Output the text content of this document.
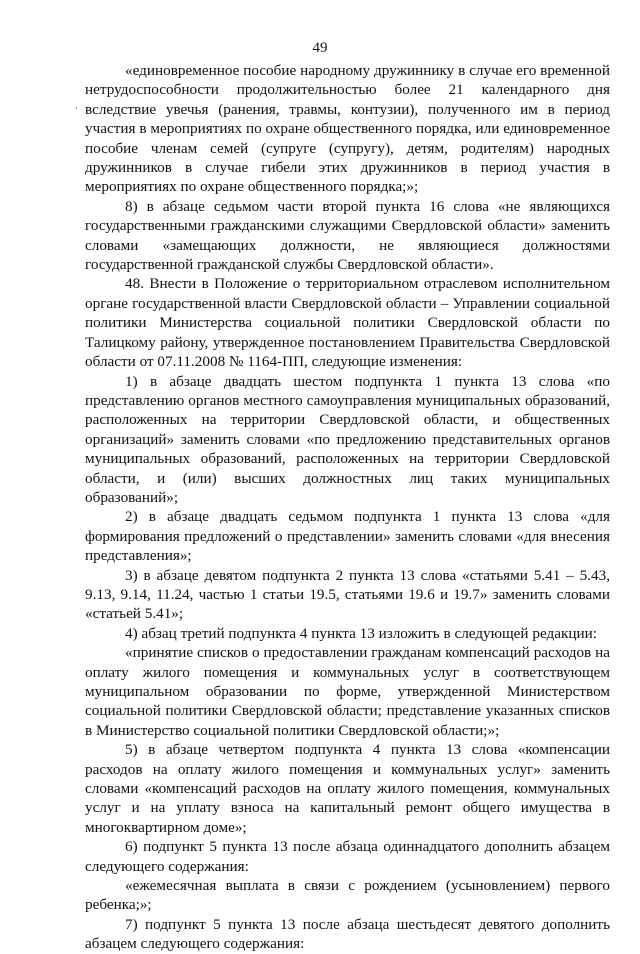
49

«единовременное пособие народному дружиннику в случае его временной нетрудоспособности продолжительностью более 21 календарного дня вследствие увечья (ранения, травмы, контузии), полученного им в период участия в мероприятиях по охране общественного порядка, или единовременное пособие членам семей (супруге (супругу), детям, родителям) народных дружинников в случае гибели этих дружинников в период участия в мероприятиях по охране общественного порядка;»;

8) в абзаце седьмом части второй пункта 16 слова «не являющихся государственными гражданскими служащими Свердловской области» заменить словами «замещающих должности, не являющиеся должностями государственной гражданской службы Свердловской области».

48. Внести в Положение о территориальном отраслевом исполнительном органе государственной власти Свердловской области – Управлении социальной политики Министерства социальной политики Свердловской области по Талицкому району, утвержденное постановлением Правительства Свердловской области от 07.11.2008 № 1164-ПП, следующие изменения:

1) в абзаце двадцать шестом подпункта 1 пункта 13 слова «по представлению органов местного самоуправления муниципальных образований, расположенных на территории Свердловской области, и общественных организаций» заменить словами «по предложению представительных органов муниципальных образований, расположенных на территории Свердловской области, и (или) высших должностных лиц таких муниципальных образований»;

2) в абзаце двадцать седьмом подпункта 1 пункта 13 слова «для формирования предложений о представлении» заменить словами «для внесения представления»;

3) в абзаце девятом подпункта 2 пункта 13 слова «статьями 5.41 – 5.43, 9.13, 9.14, 11.24, частью 1 статьи 19.5, статьями 19.6 и 19.7» заменить словами «статьей 5.41»;

4) абзац третий подпункта 4 пункта 13 изложить в следующей редакции:

«принятие списков о предоставлении гражданам компенсаций расходов на оплату жилого помещения и коммунальных услуг в соответствующем муниципальном образовании по форме, утвержденной Министерством социальной политики Свердловской области; представление указанных списков в Министерство социальной политики Свердловской области;»;

5) в абзаце четвертом подпункта 4 пункта 13 слова «компенсации расходов на оплату жилого помещения и коммунальных услуг» заменить словами «компенсаций расходов на оплату жилого помещения, коммунальных услуг и на уплату взноса на капитальный ремонт общего имущества в многоквартирном доме»;

6) подпункт 5 пункта 13 после абзаца одиннадцатого дополнить абзацем следующего содержания:

«ежемесячная выплата в связи с рождением (усыновлением) первого ребенка;»;

7) подпункт 5 пункта 13 после абзаца шестьдесят девятого дополнить абзацем следующего содержания:
